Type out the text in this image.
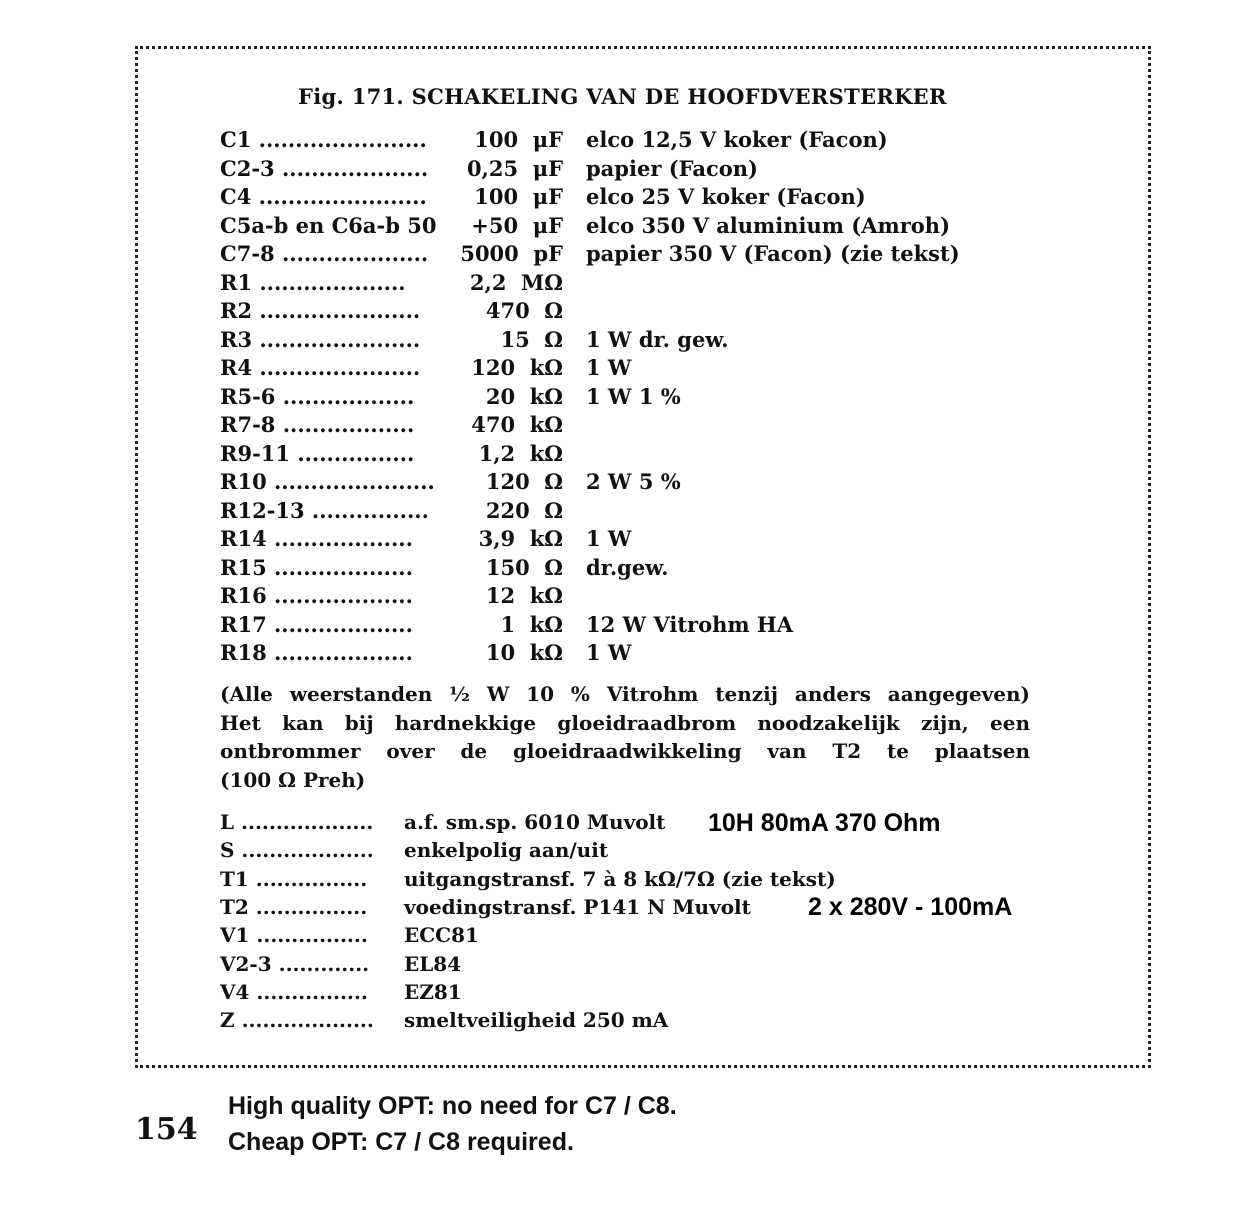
Fig. 171. SCHAKELING VAN DE HOOFDVERSTERKER
C1 ....................... 100  μF elco 12,5 V koker (Facon)
C2-3 .................... 0,25  μF papier (Facon)
C4 ....................... 100  μF elco 25 V koker (Facon)
C5a-b en C6a-b 50 +50  μF elco 350 V aluminium (Amroh)
C7-8 .................... 5000  pF papier 350 V (Facon) (zie tekst)
R1 ....................	2,2  MΩ
R2 ......................	470  Ω
R3 ......................	15  Ω 1 W dr. gew.
R4 ...................... 120  kΩ 1 W
R5-6 ..................	20  kΩ 1 W 1 %
R7-8 ..................	470  kΩ
R9-11 ................	1,2  kΩ
R10 ...................... 120  Ω 2 W 5 %
R12-13 ................	220  Ω
R14 ...................	3,9  kΩ 1 W
R15 ...................	150  Ω dr.gew.
R16 ...................	12  kΩ
R17 ...................	1  kΩ 12 W Vitrohm HA
R18 ...................	10  kΩ 1 W
(Alle weerstanden ½ W 10 % Vitrohm tenzij anders aangegeven)
Het kan bij hardnekkige gloeidraadbrom noodzakelijk zijn, een
ontbrommer over de gloeidraadwikkeling van T2 te plaatsen
(100 Ω Preh)
L ................... a.f. sm.sp. 6010 Muvolt
S ................... enkelpolig aan/uit
T1 ................ uitgangstransf. 7 à 8 kΩ/7Ω (zie tekst)
T2 ................ voedingstransf. P141 N Muvolt
V1 ................ ECC81
V2-3 ............. EL84
V4 ................ EZ81
Z ................... smeltveiligheid 250 mA
10H 80mA 370 Ohm
2 x 280V - 100mA
154
High quality OPT: no need for C7 / C8.
Cheap OPT: C7 / C8 required.
